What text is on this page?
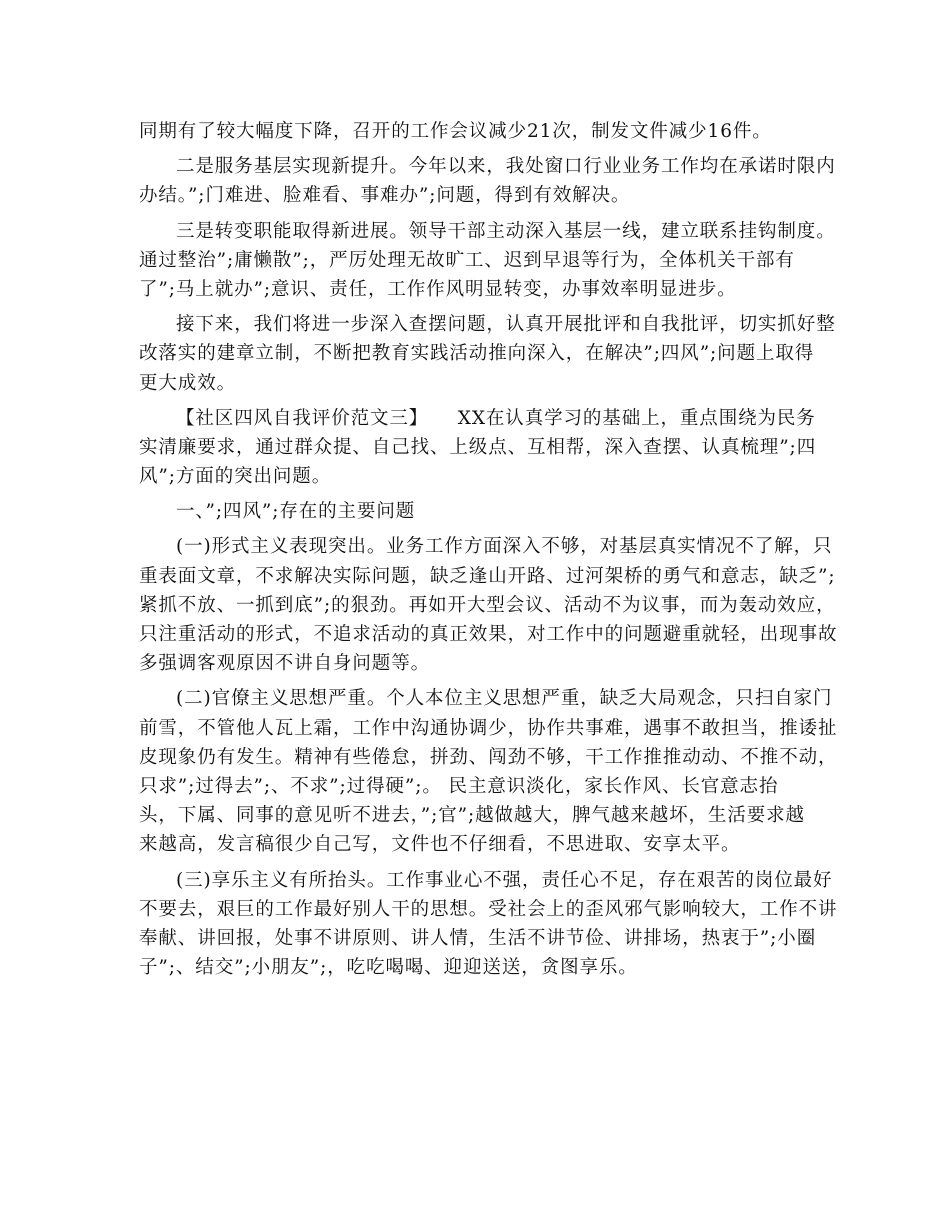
同期有了较大幅度下降，召开的工作会议减少21次，制发文件减少16件。
二是服务基层实现新提升。今年以来，我处窗口行业业务工作均在承诺时限内
办结。”;门难进、脸难看、事难办”;问题，得到有效解决。
三是转变职能取得新进展。领导干部主动深入基层一线，建立联系挂钩制度。
通过整治”;庸懒散”;，严厉处理无故旷工、迟到早退等行为，全体机关干部有
了”;马上就办”;意识、责任，工作作风明显转变，办事效率明显进步。
接下来，我们将进一步深入查摆问题，认真开展批评和自我批评，切实抓好整
改落实的建章立制，不断把教育实践活动推向深入，在解决”;四风”;问题上取得
更大成效。
【社区四风自我评价范文三】　　XX在认真学习的基础上，重点围绕为民务
实清廉要求，通过群众提、自己找、上级点、互相帮，深入查摆、认真梳理”;四
风”;方面的突出问题。
一、”;四风”;存在的主要问题
(一)形式主义表现突出。业务工作方面深入不够，对基层真实情况不了解，只
重表面文章，不求解决实际问题，缺乏逢山开路、过河架桥的勇气和意志，缺乏”;
紧抓不放、一抓到底”;的狠劲。再如开大型会议、活动不为议事，而为轰动效应，
只注重活动的形式，不追求活动的真正效果，对工作中的问题避重就轻，出现事故
多强调客观原因不讲自身问题等。
(二)官僚主义思想严重。个人本位主义思想严重，缺乏大局观念，只扫自家门
前雪，不管他人瓦上霜，工作中沟通协调少，协作共事难，遇事不敢担当，推诿扯
皮现象仍有发生。精神有些倦怠，拼劲、闯劲不够，干工作推推动动、不推不动，
只求”;过得去”;、不求”;过得硬”;。 民主意识淡化，家长作风、长官意志抬
头，下属、同事的意见听不进去，”;官”;越做越大，脾气越来越坏，生活要求越
来越高，发言稿很少自己写，文件也不仔细看，不思进取、安享太平。
(三)享乐主义有所抬头。工作事业心不强，责任心不足，存在艰苦的岗位最好
不要去，艰巨的工作最好别人干的思想。受社会上的歪风邪气影响较大，工作不讲
奉献、讲回报，处事不讲原则、讲人情，生活不讲节俭、讲排场，热衷于”;小圈
子”;、结交”;小朋友”;，吃吃喝喝、迎迎送送，贪图享乐。
